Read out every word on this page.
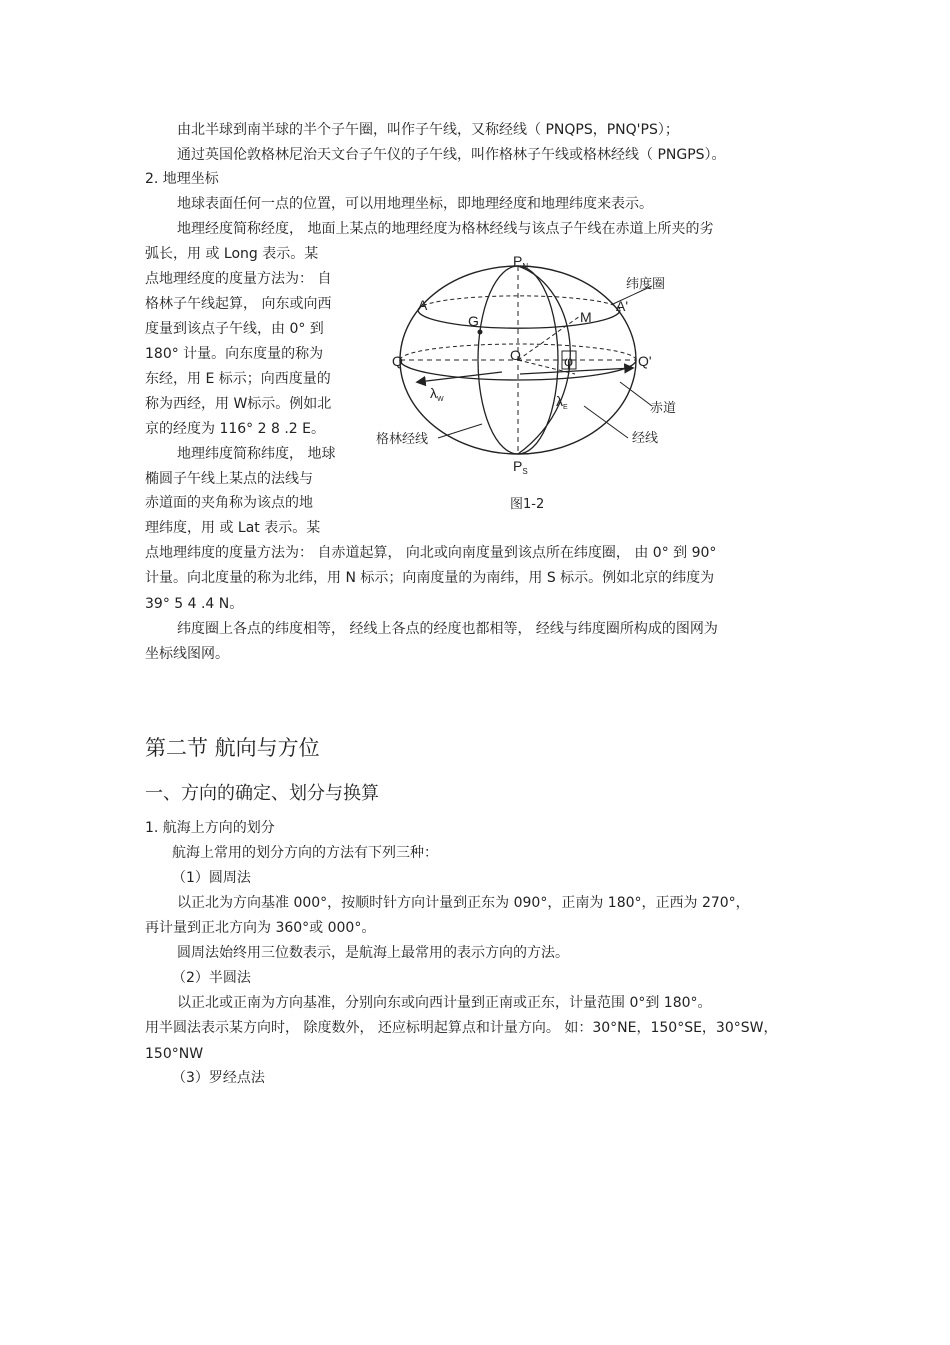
由北半球到南半球的半个子午圈，叫作子午线，又称经线（ PNQPS，PNQ'PS）；
通过英国伦敦格林尼治天文台子午仪的子午线，叫作格林子午线或格林经线（ PNGPS）。
2. 地理坐标
地球表面任何一点的位置，可以用地理坐标，即地理经度和地理纬度来表示。
地理经度简称经度， 地面上某点的地理经度为格林经线与该点子午线在赤道上所夹的劣
弧长，用 或 Long 表示。某
点地理经度的度量方法为： 自
格林子午线起算， 向东或向西
度量到该点子午线，由 0° 到
180° 计量。向东度量的称为
东经，用 E 标示；向西度量的
称为西经，用 W标示。例如北
京的经度为 116° 2 8 .2 E。
地理纬度简称纬度， 地球
椭圆子午线上某点的法线与
赤道面的夹角称为该点的地
理纬度，用 或 Lat 表示。某
点地理纬度的度量方法为： 自赤道起算， 向北或向南度量到该点所在纬度圈， 由 0° 到 90°
计量。向北度量的称为北纬，用 N 标示；向南度量的为南纬，用 S 标示。例如北京的纬度为
39° 5 4 .4 N。
纬度圈上各点的纬度相等， 经线上各点的经度也都相等， 经线与纬度圈所构成的图网为
坐标线图网。
第二节 航向与方位
一、方向的确定、划分与换算
1. 航海上方向的划分
航海上常用的划分方向的方法有下列三种：
（1）圆周法
以正北为方向基准 000°，按顺时针方向计量到正东为 090°，正南为 180°，正西为 270°，
再计量到正北方向为 360°或 000°。
圆周法始终用三位数表示，是航海上最常用的表示方向的方法。
（2）半圆法
以正北或正南为方向基准，分别向东或向西计量到正南或正东，计量范围 0°到 180°。
用半圆法表示某方向时， 除度数外， 还应标明起算点和计量方向。 如：30°NE，150°SE，30°SW，
150°NW
（3）罗经点法
$P_N$
$P_S$
A	A'
G	M
Q	Q'
O	φ
$\lambda_W$	$\lambda_E$
纬度圈
赤道
经线
格林经线
图1-2
